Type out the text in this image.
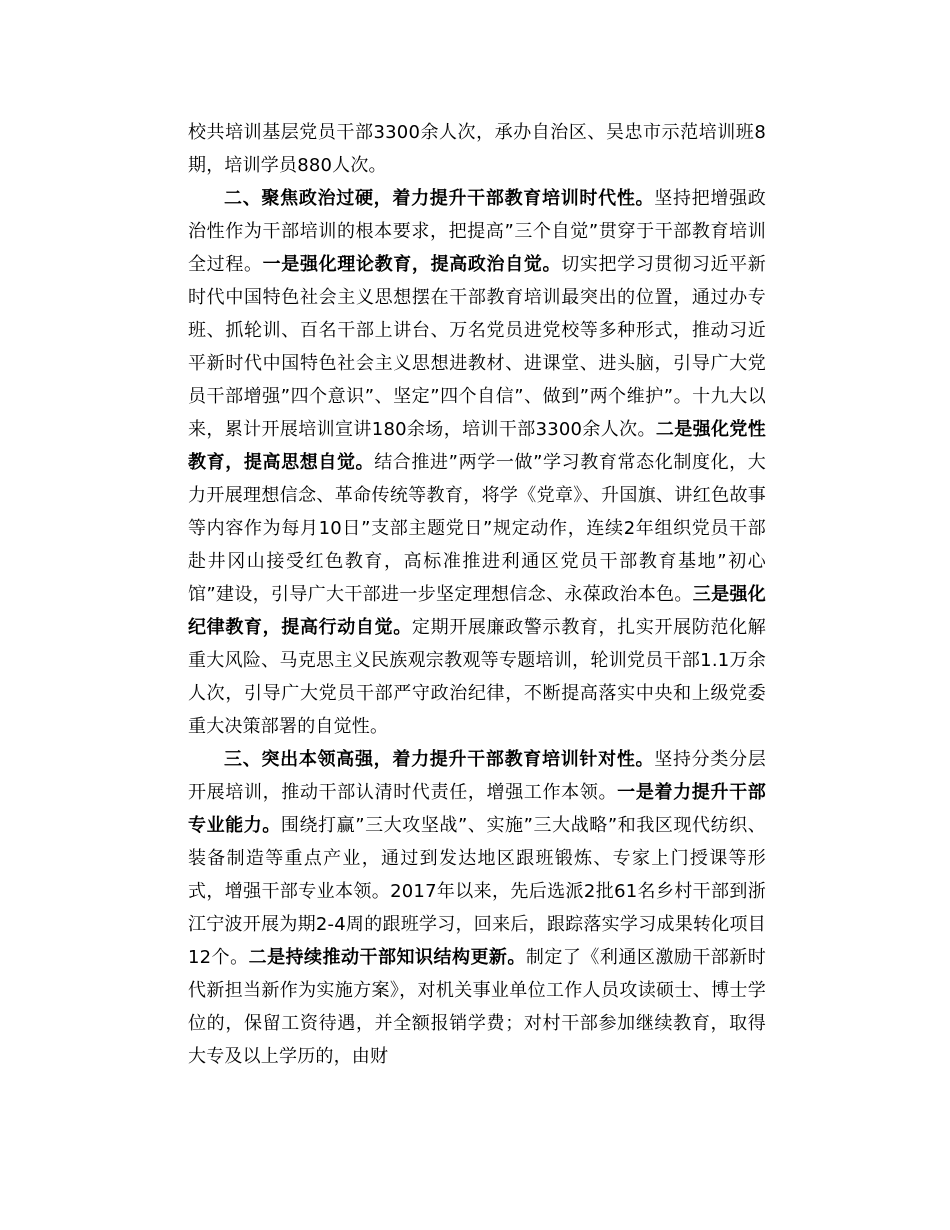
校共培训基层党员干部3300余人次，承办自治区、吴忠市示范培训班8期，培训学员880人次。

二、聚焦政治过硬，着力提升干部教育培训时代性。坚持把增强政治性作为干部培训的根本要求，把提高”三个自觉”贯穿于干部教育培训全过程。一是强化理论教育，提高政治自觉。切实把学习贯彻习近平新时代中国特色社会主义思想摆在干部教育培训最突出的位置，通过办专班、抓轮训、百名干部上讲台、万名党员进党校等多种形式，推动习近平新时代中国特色社会主义思想进教材、进课堂、进头脑，引导广大党员干部增强”四个意识”、坚定”四个自信”、做到”两个维护”。十九大以来，累计开展培训宣讲180余场，培训干部3300余人次。二是强化党性教育，提高思想自觉。结合推进”两学一做”学习教育常态化制度化，大力开展理想信念、革命传统等教育，将学《党章》、升国旗、讲红色故事等内容作为每月10日”支部主题党日”规定动作，连续2年组织党员干部赴井冈山接受红色教育，高标准推进利通区党员干部教育基地”初心馆”建设，引导广大干部进一步坚定理想信念、永葆政治本色。三是强化纪律教育，提高行动自觉。定期开展廉政警示教育，扎实开展防范化解重大风险、马克思主义民族观宗教观等专题培训，轮训党员干部1.1万余人次，引导广大党员干部严守政治纪律，不断提高落实中央和上级党委重大决策部署的自觉性。

三、突出本领高强，着力提升干部教育培训针对性。坚持分类分层开展培训，推动干部认清时代责任，增强工作本领。一是着力提升干部专业能力。围绕打赢”三大攻坚战”、实施”三大战略”和我区现代纺织、装备制造等重点产业，通过到发达地区跟班锻炼、专家上门授课等形式，增强干部专业本领。2017年以来，先后选派2批61名乡村干部到浙江宁波开展为期2-4周的跟班学习，回来后，跟踪落实学习成果转化项目12个。二是持续推动干部知识结构更新。制定了《利通区激励干部新时代新担当新作为实施方案》，对机关事业单位工作人员攻读硕士、博士学位的，保留工资待遇，并全额报销学费；对村干部参加继续教育，取得大专及以上学历的，由财
